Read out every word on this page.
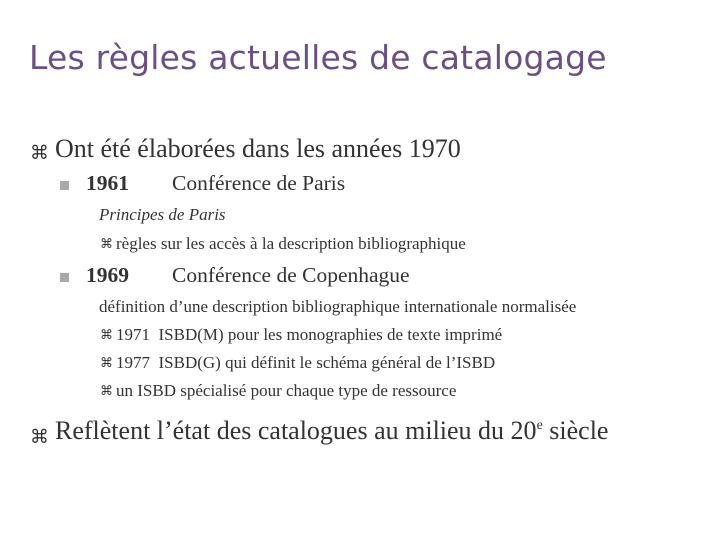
Les règles actuelles de catalogage
⌘ Ont été élaborées dans les années 1970
1961 Conférence de Paris
Principes de Paris
⌘ règles sur les accès à la description bibliographique
1969 Conférence de Copenhague
définition d’une description bibliographique internationale normalisée
⌘ 1971  ISBD(M) pour les monographies de texte imprimé
⌘ 1977  ISBD(G) qui définit le schéma général de l’ISBD
⌘ un ISBD spécialisé pour chaque type de ressource
⌘ Reflètent l’état des catalogues au milieu du 20e siècle
